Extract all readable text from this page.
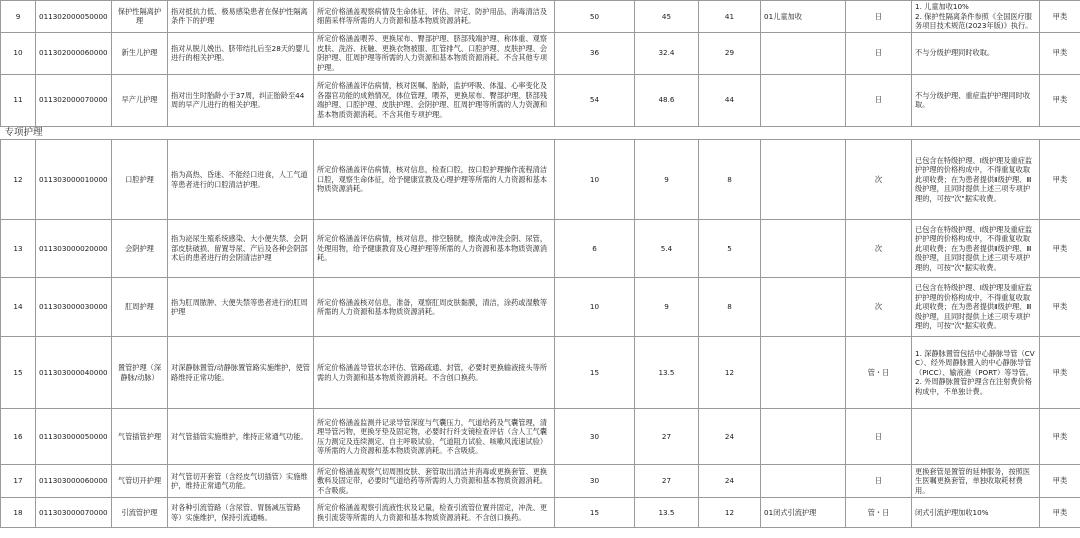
9	011302000050000	保护性隔离护理	指对抵抗力低、极易感染患者在保护性隔离条件下的护理	所定价格涵盖观察病情及生命体征、评估、评定、防护用品、消毒清洁及细菌采样等所需的人力资源和基本物质资源消耗。	50	45	41	01儿童加收	日	1. 儿童加收10%
2. 保护性隔离条件参照《全国医疗服务项目技术规范(2023年版)》执行。	甲类
10	011302000060000	新生儿护理	指对从脱儿娩出、脐带结扎后至28天的婴儿进行的相关护理。	所定价格涵盖喂养、更换尿布、臀部护理、脐部残端护理、称体重、观察皮肤、洗浴、抚触、更换衣物被服、肛管排气、口腔护理、皮肤护理、会阴护理、肛周护理等所需的人力资源和基本物质资源消耗。不含其他专项护理。	36	32.4	29		日	不与分级护理同时收取。	甲类
11	011302000070000	早产儿护理	指对出生时胎龄小于37周，纠正胎龄至44周的早产儿进行的相关护理。	所定价格涵盖评估病情，核对医嘱、胎龄，监护呼吸、体温、心率变化及各器官功能的成熟情况，体位管理，喂养，更换尿布、臀部护理、脐部残端护理、口腔护理、皮肤护理、会阴护理、肛周护理等所需的人力资源和基本物质资源消耗。不含其他专项护理。	54	48.6	44		日	不与分级护理、重症监护护理同时收取。	甲类
专项护理											
12	011303000010000	口腔护理	指为高热、昏迷、不能经口进食，人工气道等患者进行的口腔清洁护理。	所定价格涵盖评估病情，核对信息，检查口腔，按口腔护理操作流程清洁口腔，观察生命体征，给予健康宣教及心理护理等所需的人力资源和基本物质资源消耗。	10	9	8		次	已包含在特级护理、Ⅰ级护理及重症监护护理的价格构成中，不得重复收取此项收费；在为患者提供Ⅱ级护理、Ⅲ级护理，且同时提供上述三项专项护理的，可按"次"据实收费。	甲类
13	011303000020000	会阴护理	指为泌尿生殖系统感染、大小便失禁、会阴部皮肤破损、留置导尿、产后及各种会阴部术后的患者进行的会阴清洁护理	所定价格涵盖评估病情，核对信息，排空膀胱，擦洗或冲洗会阴、尿管，处理用物，给予健康教育及心理护理等所需的人力资源和基本物质资源消耗。	6	5.4	5		次	已包含在特级护理、Ⅰ级护理及重症监护护理的价格构成中，不得重复收取此项收费；在为患者提供Ⅱ级护理、Ⅲ级护理，且同时提供上述三项专项护理的，可按"次"据实收费。	甲类
14	011303000030000	肛周护理	指为肛周脓肿、大便失禁等患者进行的肛周护理	所定价格涵盖核对信息，准备，观察肛周皮肤黏膜，清洁，涂药或湿敷等所需的人力资源和基本物质资源消耗。	10	9	8		次	已包含在特级护理、Ⅰ级护理及重症监护护理的价格构成中，不得重复收取此项收费；在为患者提供Ⅱ级护理、Ⅲ级护理，且同时提供上述三项专项护理的，可按"次"据实收费。	甲类
15	011303000040000	置管护理（深静脉/动脉）	对深静脉置管/动静脉置管路实施维护，使管路维持正常功能。	所定价格涵盖导管状态评估、管路疏通、封管，必要时更换输液接头等所需的人力资源和基本物质资源消耗。不含创口换药。	15	13.5	12		管・日	1. 深静脉置管包括中心静脉导管（CVC）、经外周静脉置入的中心静脉导管（PICC）、输液港（PORT）等导管。
2. 外周静脉置管护理含在注射费价格构成中，不单独计费。	甲类
16	011303000050000	气管插管护理	对气管插管实施维护，维持正常通气功能。	所定价格涵盖监测并记录导管深度与气囊压力，气道给药及气囊管理，清理导管污物，更换牙垫及固定物，必要时行纤支镜检查评估（含人工气囊压力测定及连续测定、自主呼吸试验、气道阻力试验、咳嗽风流速试验）等所需的人力资源和基本物质资源消耗。不含吸痰。	30	27	24		日		甲类
17	011303000060000	气管切开护理	对气管切开套管（含经皮气切插管）实施维护，维持正常通气功能。	所定价格涵盖观察气切周围皮肤、套管取出清洁并消毒或更换套管、更换敷料及固定带，必要时气道给药等所需的人力资源和基本物质资源消耗。不含吸痰。	30	27	24		日	更换套管是置管的延伸服务，按照医生医嘱更换套管，单独收取耗材费用。	甲类
18	011303000070000	引流管护理	对各种引流管路（含尿管、胃肠减压管路等）实施维护，保持引流通畅。	所定价格涵盖观察引流液性状及记量，检查引流管位置并固定，冲洗、更换引流袋等所需的人力资源和基本物质资源消耗。不含创口换药。	15	13.5	12	01闭式引流护理	管・日	闭式引流护理加收10%	甲类
